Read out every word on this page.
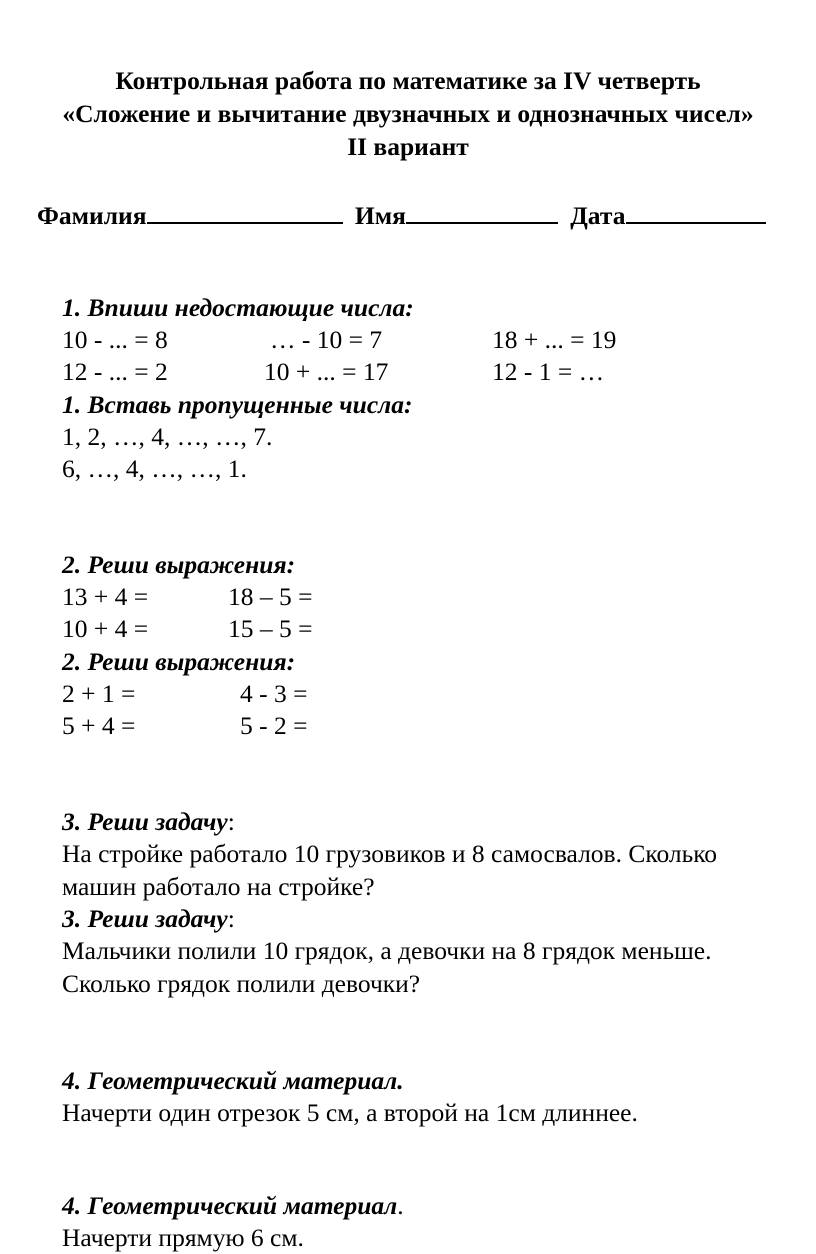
Контрольная работа по математике за IV четверть
«Сложение и вычитание двузначных и однозначных чисел»
II вариант
Фамилия	Имя	Дата
1. Впиши недостающие числа:
10 - ... = 8	… - 10 = 7	18 + ... = 19
12 - ... = 2	10 + ... = 17	12 - 1 = …
1. Вставь пропущенные числа:
1, 2, …, 4, …, …, 7.
6, …, 4, …, …, 1.
2. Реши выражения:
13 + 4 =	18 – 5 =
10 + 4 =	15 – 5 =
2. Реши выражения:
2 + 1 =	4 - 3 =
5 + 4 =	5 - 2 =
3. Реши задачу:
На стройке работало 10 грузовиков и 8 самосвалов. Сколько
машин работало на стройке?
3. Реши задачу:
Мальчики полили 10 грядок, а девочки на 8 грядок меньше.
Сколько грядок полили девочки?
4. Геометрический материал.
Начерти один отрезок 5 см, а второй на 1см длиннее.
4. Геометрический материал.
Начерти прямую 6 см.
